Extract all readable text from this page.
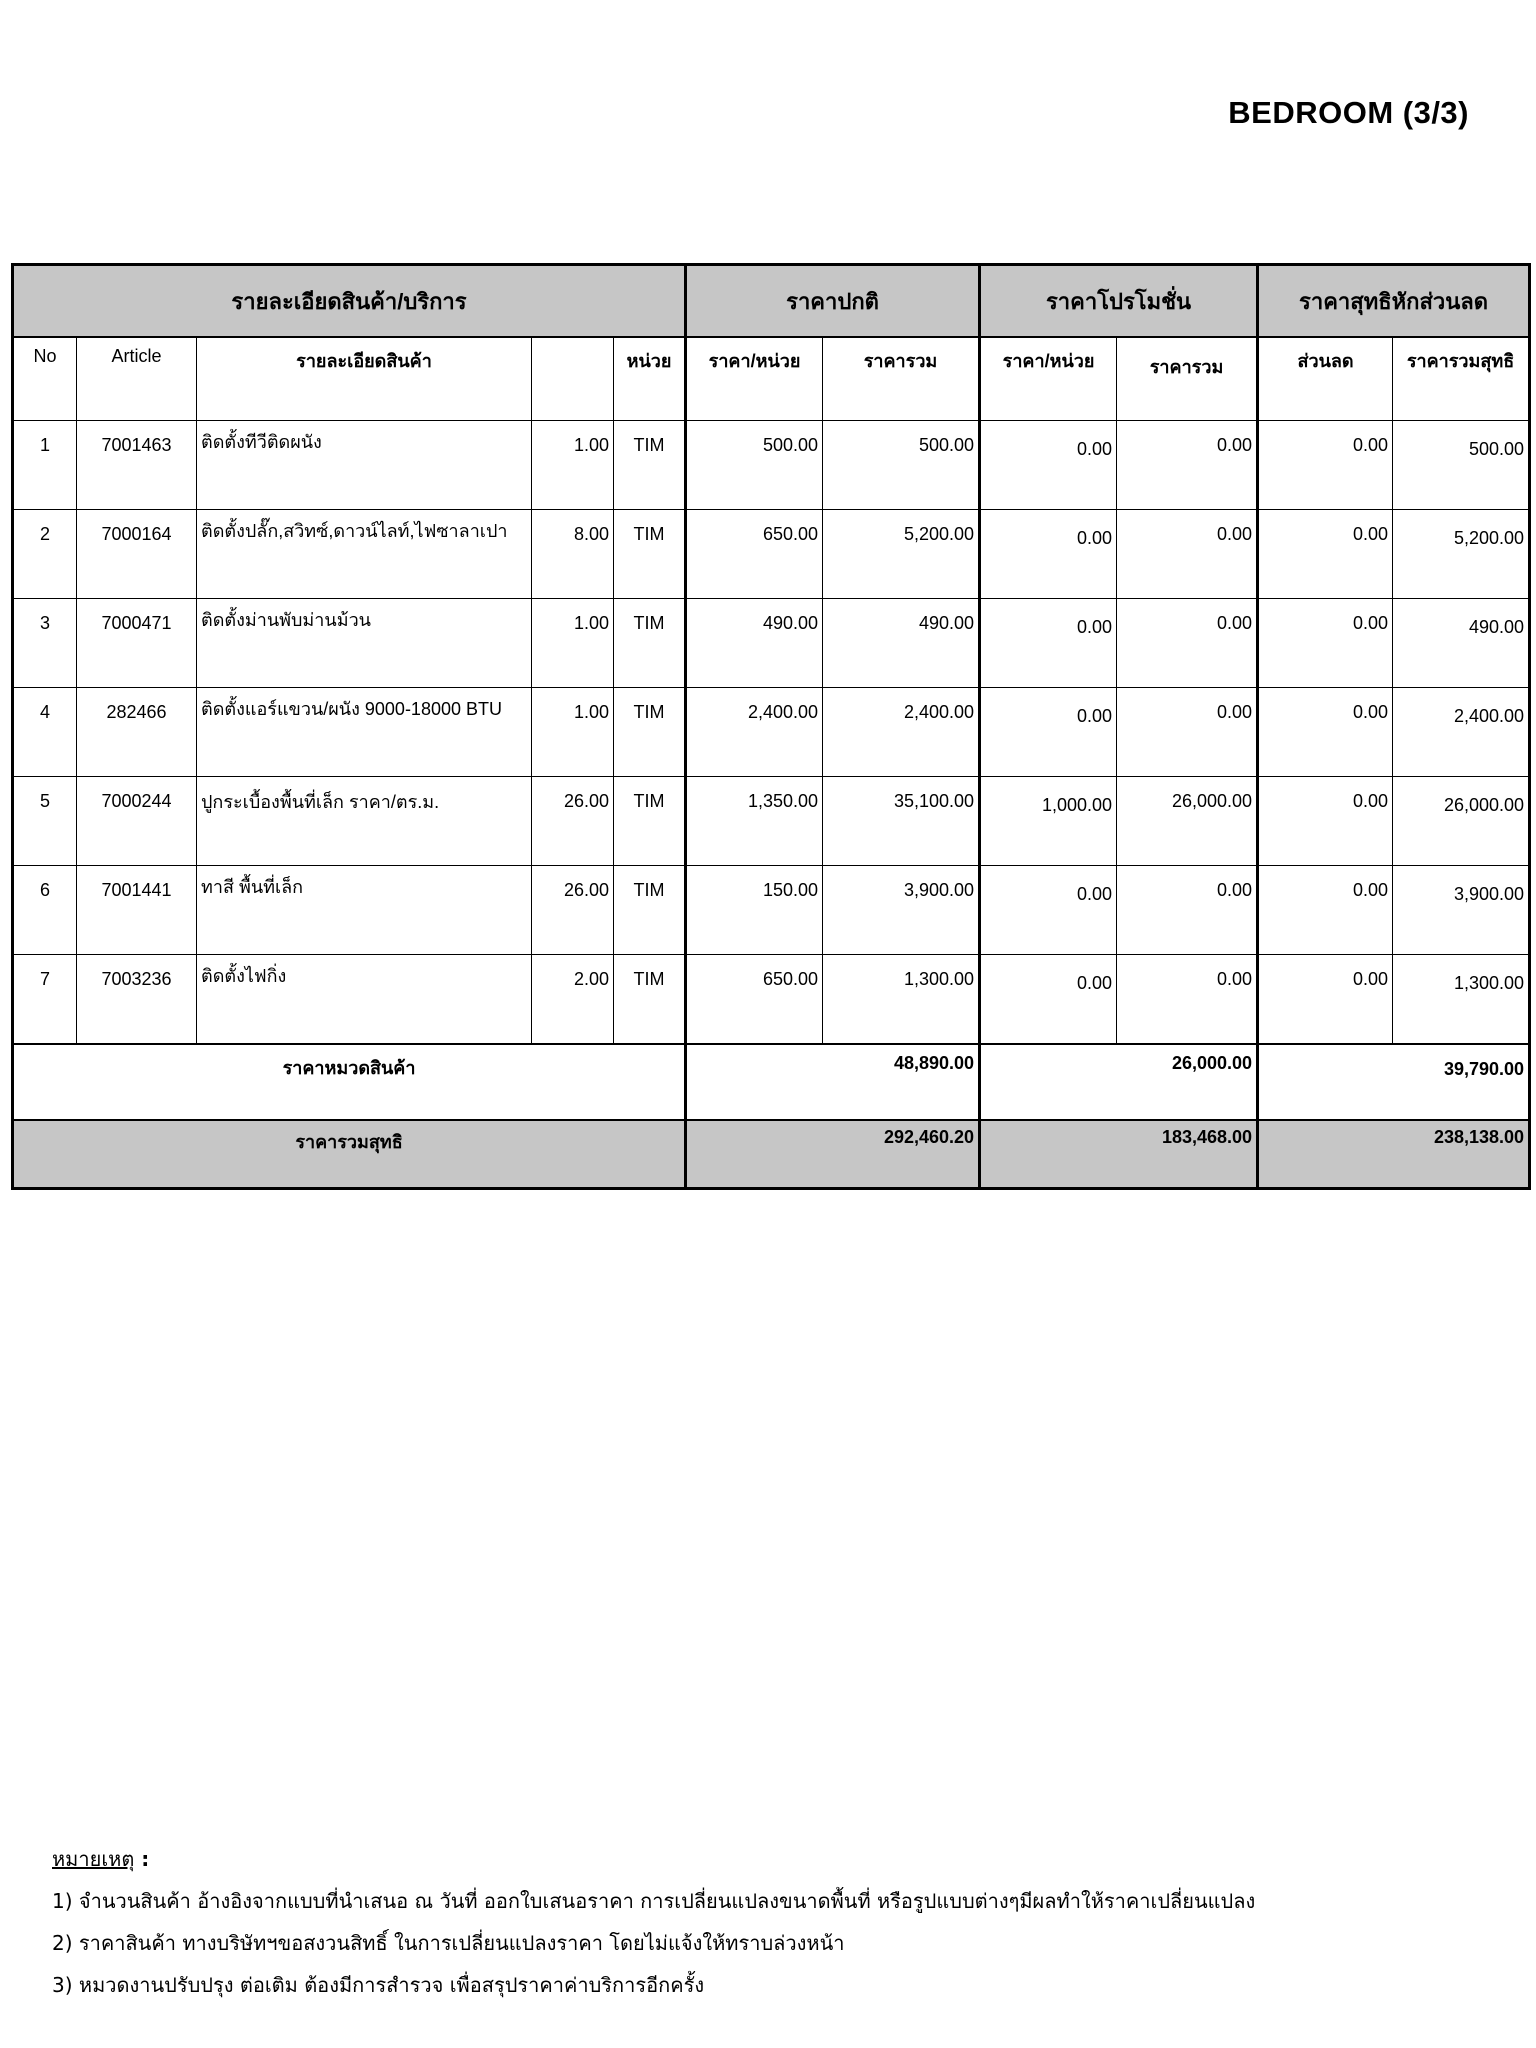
BEDROOM (3/3)
รายละเอียดสินค้า/บริการ					ราคาปกติ		ราคาโปรโมชั่น		ราคาสุทธิหักส่วนลด	
No	Article	รายละเอียดสินค้า		หน่วย	ราคา/หน่วย	ราคารวม	ราคา/หน่วย	ราคารวม	ส่วนลด	ราคารวมสุทธิ
1	7001463	ติดตั้งทีวีติดผนัง	1.00	TIM	500.00	500.00	0.00	0.00	0.00	500.00
2	7000164	ติดตั้งปลั๊ก,สวิทซ์,ดาวน์ไลท์,ไฟซาลาเปา	8.00	TIM	650.00	5,200.00	0.00	0.00	0.00	5,200.00
3	7000471	ติดตั้งม่านพับม่านม้วน	1.00	TIM	490.00	490.00	0.00	0.00	0.00	490.00
4	282466	ติดตั้งแอร์แขวน/ผนัง 9000-18000 BTU	1.00	TIM	2,400.00	2,400.00	0.00	0.00	0.00	2,400.00
5	7000244	ปูกระเบื้องพื้นที่เล็ก ราคา/ตร.ม.	26.00	TIM	1,350.00	35,100.00	1,000.00	26,000.00	0.00	26,000.00
6	7001441	ทาสี พื้นที่เล็ก	26.00	TIM	150.00	3,900.00	0.00	0.00	0.00	3,900.00
7	7003236	ติดตั้งไฟกิ่ง	2.00	TIM	650.00	1,300.00	0.00	0.00	0.00	1,300.00
ราคาหมวดสินค้า					48,890.00		26,000.00		39,790.00	
ราคารวมสุทธิ					292,460.20		183,468.00		238,138.00	
หมายเหตุ :
1) จำนวนสินค้า อ้างอิงจากแบบที่นำเสนอ ณ วันที่ ออกใบเสนอราคา การเปลี่ยนแปลงขนาดพื้นที่ หรือรูปแบบต่างๆมีผลทำให้ราคาเปลี่ยนแปลง
2) ราคาสินค้า ทางบริษัทฯขอสงวนสิทธิ์ ในการเปลี่ยนแปลงราคา โดยไม่แจ้งให้ทราบล่วงหน้า
3) หมวดงานปรับปรุง ต่อเติม ต้องมีการสำรวจ เพื่อสรุปราคาค่าบริการอีกครั้ง
